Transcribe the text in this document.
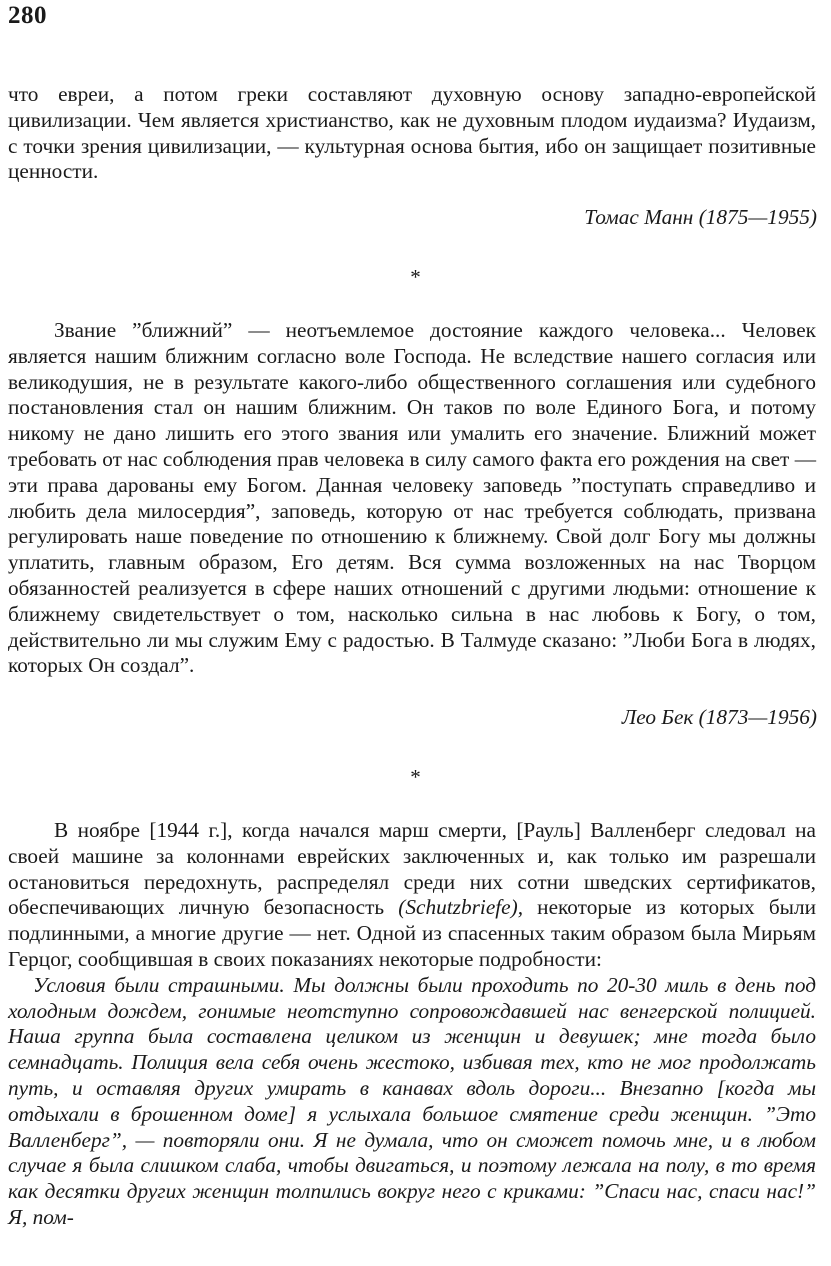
280

что евреи, а потом греки составляют духовную основу западно-европейской цивилизации. Чем является христианство, как не духовным плодом иудаизма? Иудаизм, с точки зрения цивилизации, — культурная основа бытия, ибо он защищает позитивные ценности.

Томас Манн (1875—1955)
*

Звание ”ближний” — неотъемлемое достояние каждого человека... Человек является нашим ближним согласно воле Господа. Не вследствие нашего согласия или великодушия, не в результате какого-либо общественного соглашения или судебного постановления стал он нашим ближним. Он таков по воле Единого Бога, и потому никому не дано лишить его этого звания или умалить его значение. Ближний может требовать от нас соблюдения прав человека в силу самого факта его рождения на свет — эти права дарованы ему Богом. Данная человеку заповедь ”поступать справедливо и любить дела милосердия”, заповедь, которую от нас требуется соблюдать, призвана регулировать наше поведение по отношению к ближнему. Свой долг Богу мы должны уплатить, главным образом, Его детям. Вся сумма возложенных на нас Творцом обязанностей реализуется в сфере наших отношений с другими людьми: отношение к ближнему свидетельствует о том, насколько сильна в нас любовь к Богу, о том, действительно ли мы служим Ему с радостью. В Талмуде сказано: ”Люби Бога в людях, которых Он создал”.

Лео Бек (1873—1956)
*

В ноябре [1944 г.], когда начался марш смерти, [Рауль] Валленберг следовал на своей машине за колоннами еврейских заключенных и, как только им разрешали остановиться передохнуть, распределял среди них сотни шведских сертификатов, обеспечивающих личную безопасность (Schutzbriefe), некоторые из которых были подлинными, а многие другие — нет. Одной из спасенных таким образом была Мирьям Герцог, сообщившая в своих показаниях некоторые подробности:

Условия были страшными. Мы должны были проходить по 20-30 миль в день под холодным дождем, гонимые неотступно сопровождавшей нас венгерской полицией. Наша группа была составлена целиком из женщин и девушек; мне тогда было семнадцать. Полиция вела себя очень жестоко, избивая тех, кто не мог продолжать путь, и оставляя других умирать в канавах вдоль дороги... Внезапно [когда мы отдыхали в брошенном доме] я услыхала большое смятение среди женщин. ”Это Валленберг”, — повторяли они. Я не думала, что он сможет помочь мне, и в любом случае я была слишком слаба, чтобы двигаться, и поэтому лежала на полу, в то время как десятки других женщин толпились вокруг него с криками: ”Спаси нас, спаси нас!” Я, пом-
